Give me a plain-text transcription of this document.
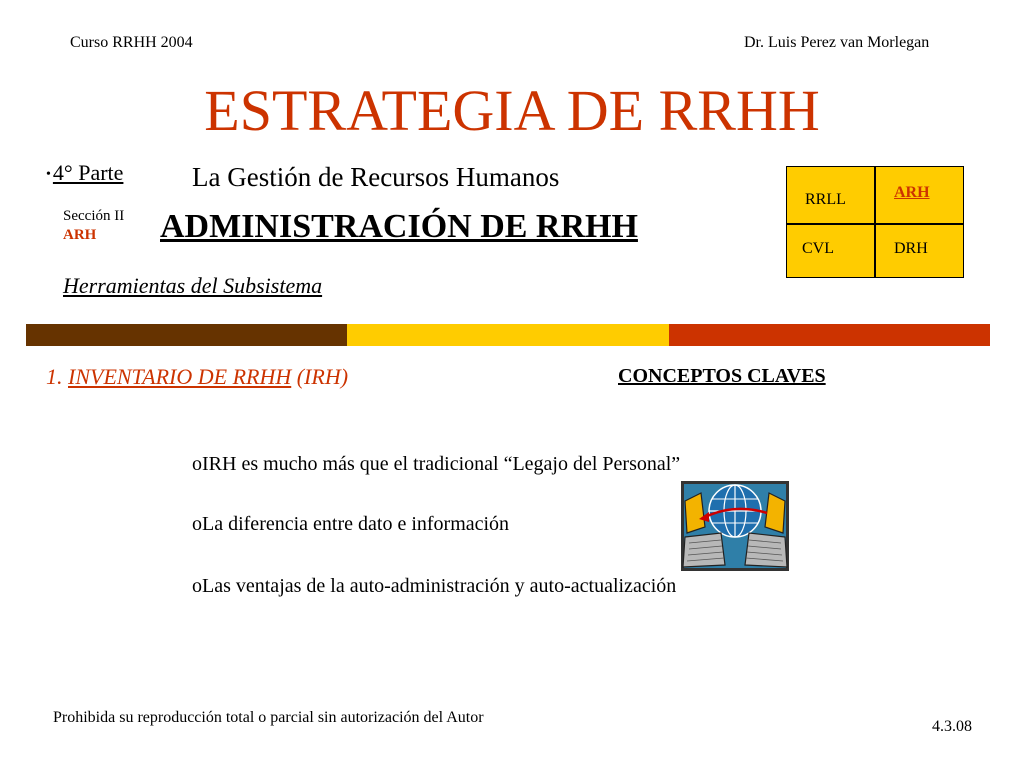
Curso RRHH 2004	Dr. Luis Perez van Morlegan
ESTRATEGIA DE RRHH
•4° Parte	La Gestión de Recursos Humanos
Sección II
ARH	ADMINISTRACIÓN DE RRHH
Herramientas del Subsistema
RRLL	ARH
CVL	DRH
1. INVENTARIO DE RRHH (IRH)	CONCEPTOS CLAVES
oIRH es mucho más que el tradicional “Legajo del Personal”
oLa diferencia entre dato e información
oLas ventajas de la auto-administración y auto-actualización
Prohibida su reproducción total o parcial sin autorización del Autor
4.3.08
